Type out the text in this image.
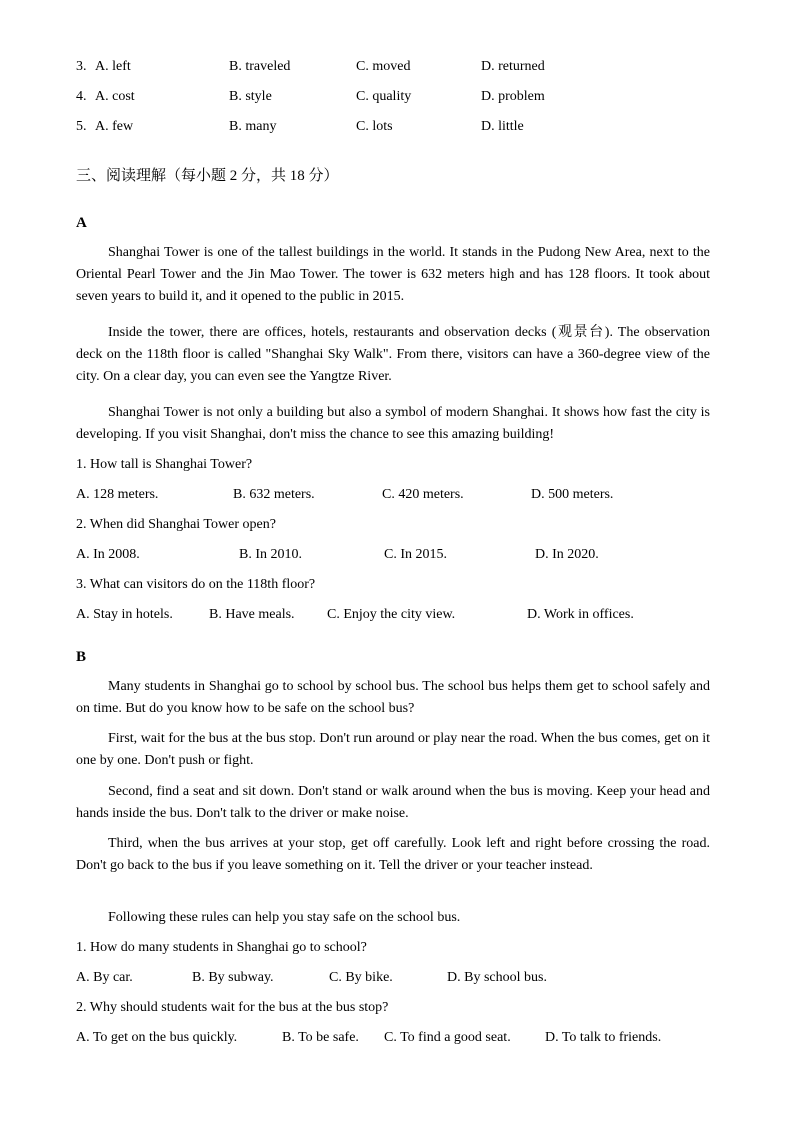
3. A. left	B. traveled	C. moved	D. returned
4. A. cost	B. style	C. quality	D. problem
5. A. few	B. many	C. lots	D. little
三、阅读理解（每小题 2 分，共 18 分）
A
Shanghai Tower is one of the tallest buildings in the world. It stands in the Pudong New Area, next to the Oriental Pearl Tower and the Jin Mao Tower. The tower is 632 meters high and has 128 floors. It took about seven years to build it, and it opened to the public in 2015.
Inside the tower, there are offices, hotels, restaurants and observation decks (观景台). The observation deck on the 118th floor is called "Shanghai Sky Walk". From there, visitors can have a 360-degree view of the city. On a clear day, you can even see the Yangtze River.
Shanghai Tower is not only a building but also a symbol of modern Shanghai. It shows how fast the city is developing. If you visit Shanghai, don't miss the chance to see this amazing building!
1. How tall is Shanghai Tower?
A. 128 meters.	B. 632 meters.	C. 420 meters.	D. 500 meters.
2. When did Shanghai Tower open?
A. In 2008.	B. In 2010.	C. In 2015.	D. In 2020.
3. What can visitors do on the 118th floor?
A. Stay in hotels.	B. Have meals. C. Enjoy the city view.	D. Work in offices.
B
Many students in Shanghai go to school by school bus. The school bus helps them get to school safely and on time. But do you know how to be safe on the school bus?
First, wait for the bus at the bus stop. Don't run around or play near the road. When the bus comes, get on it one by one. Don't push or fight.
Second, find a seat and sit down. Don't stand or walk around when the bus is moving. Keep your head and hands inside the bus. Don't talk to the driver or make noise.
Third, when the bus arrives at your stop, get off carefully. Look left and right before crossing the road. Don't go back to the bus if you leave something on it. Tell the driver or your teacher instead.
Following these rules can help you stay safe on the school bus.
1. How do many students in Shanghai go to school?
A. By car.	B. By subway.	C. By bike.	D. By school bus.
2. Why should students wait for the bus at the bus stop?
A. To get on the bus quickly.	B. To be safe. C. To find a good seat. D. To talk to friends.
